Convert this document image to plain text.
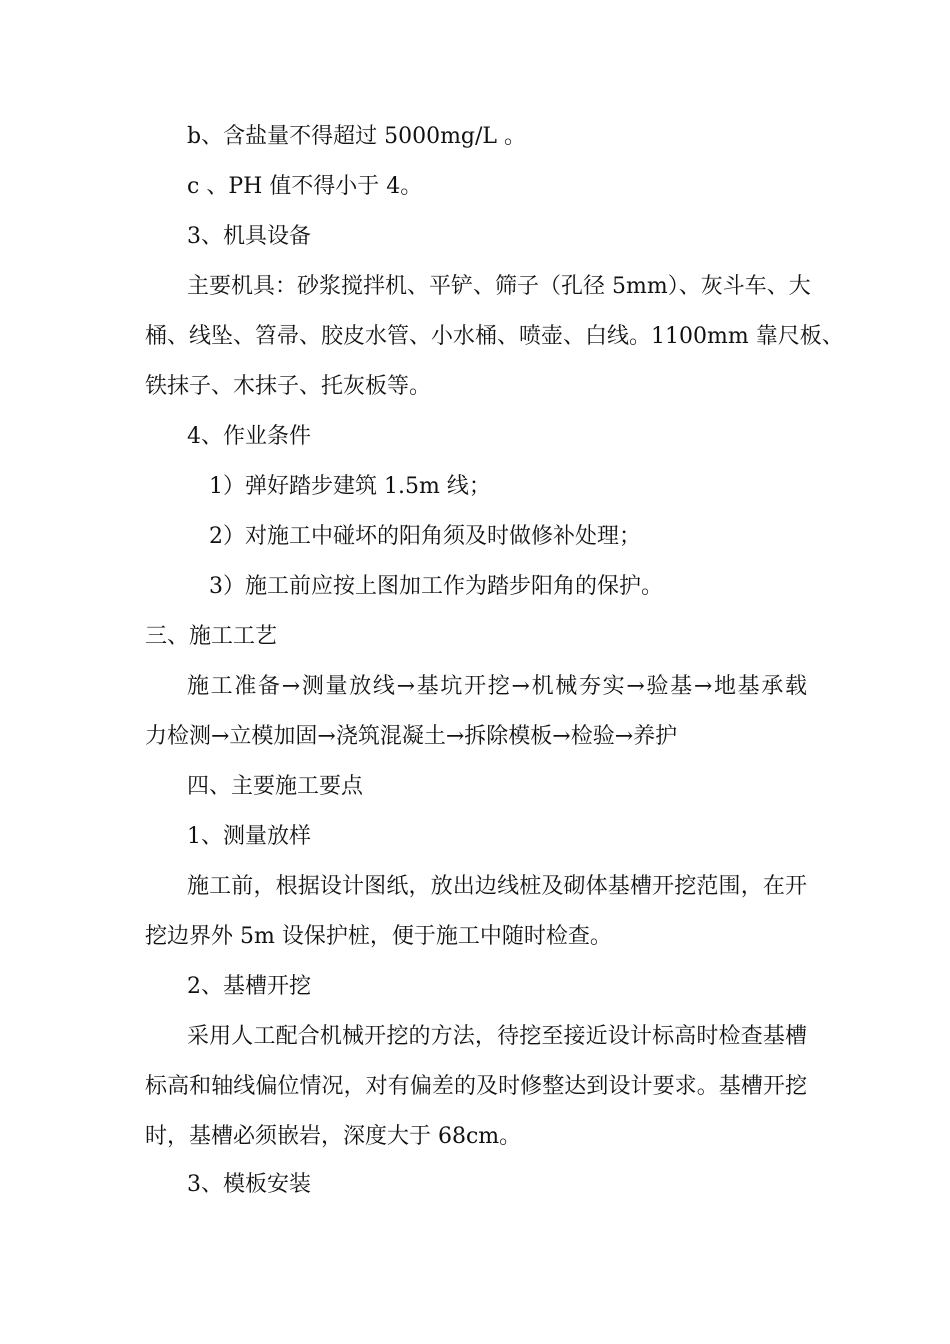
b、含盐量不得超过 5000mg/L 。
c 、PH 值不得小于 4。
3、机具设备
主要机具：砂浆搅拌机、平铲、筛子（孔径 5mm）、灰斗车、大
桶、线坠、笤帚、胶皮水管、小水桶、喷壶、白线。1100mm 靠尺板、
铁抹子、木抹子、托灰板等。
4、作业条件
1）弹好踏步建筑 1.5m 线；
2）对施工中碰坏的阳角须及时做修补处理；
3）施工前应按上图加工作为踏步阳角的保护。
三、施工工艺
施工准备→测量放线→基坑开挖→机械夯实→验基→地基承载
力检测→立模加固→浇筑混凝土→拆除模板→检验→养护
四、主要施工要点
1、测量放样
施工前，根据设计图纸，放出边线桩及砌体基槽开挖范围，在开
挖边界外 5m 设保护桩，便于施工中随时检查。
2、基槽开挖
采用人工配合机械开挖的方法，待挖至接近设计标高时检查基槽
标高和轴线偏位情况，对有偏差的及时修整达到设计要求。基槽开挖
时，基槽必须嵌岩，深度大于 68cm。
3、模板安装
